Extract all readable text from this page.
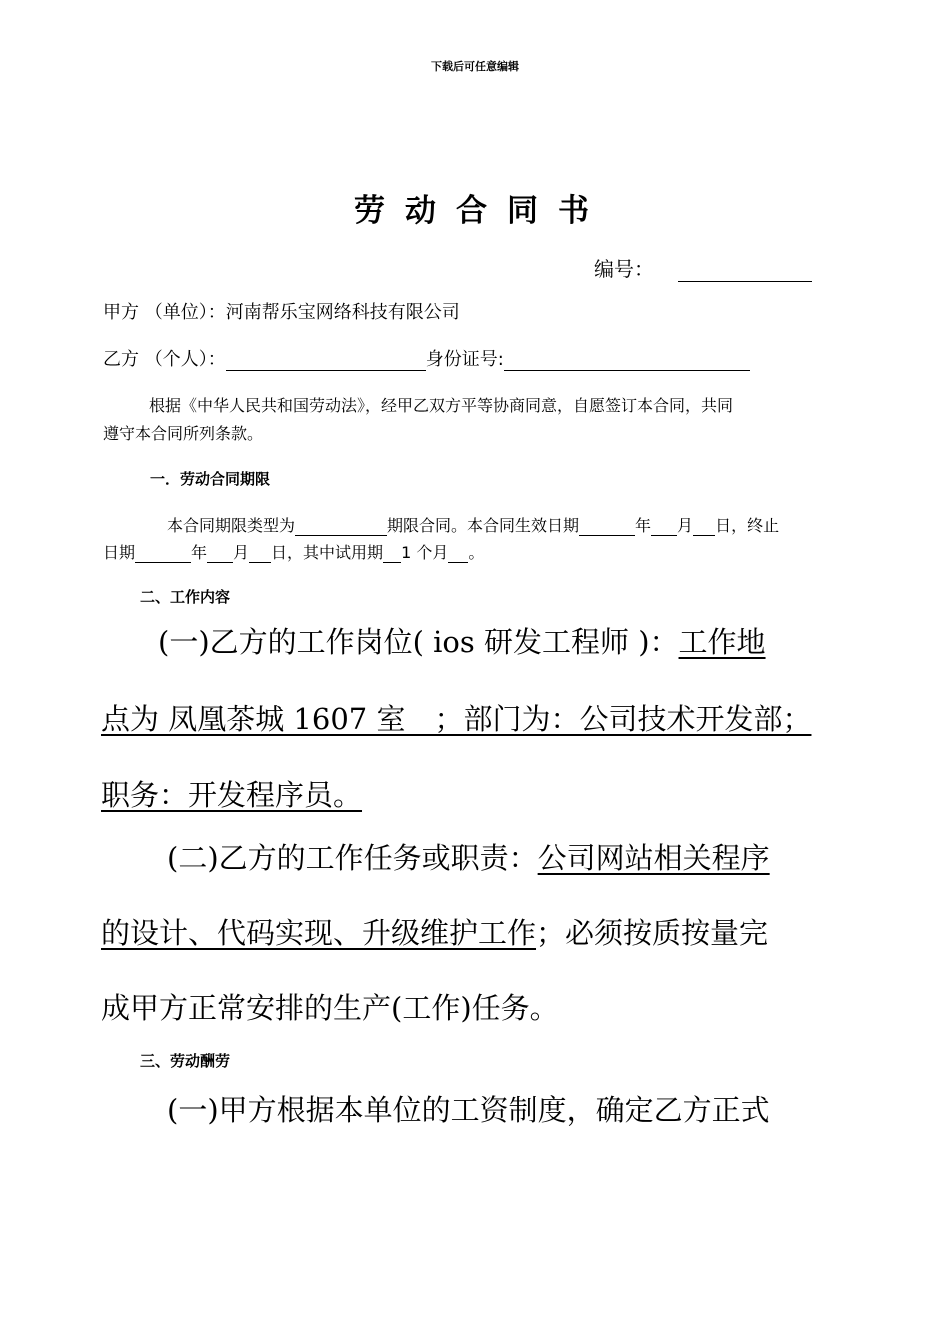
下载后可任意编辑
劳动合同书
编号：
甲方 （单位）：河南帮乐宝网络科技有限公司
乙方 （个人）：	身份证号:
根据《中华人民共和国劳动法》，经甲乙双方平等协商同意，自愿签订本合同，共同
遵守本合同所列条款。
一．劳动合同期限
本合同期限类型为	期限合同。本合同生效日期	年 月 日，终止
日期	年 月 日，其中试用期 1 个月 。
二、工作内容
(一)乙方的工作岗位( ios 研发工程师 )：工作地
点为 凤凰茶城 1607 室　；部门为：公司技术开发部；
职务：开发程序员。
(二)乙方的工作任务或职责：公司网站相关程序
的设计、代码实现、升级维护工作；必须按质按量完
成甲方正常安排的生产(工作)任务。
三、劳动酬劳
(一)甲方根据本单位的工资制度，确定乙方正式
